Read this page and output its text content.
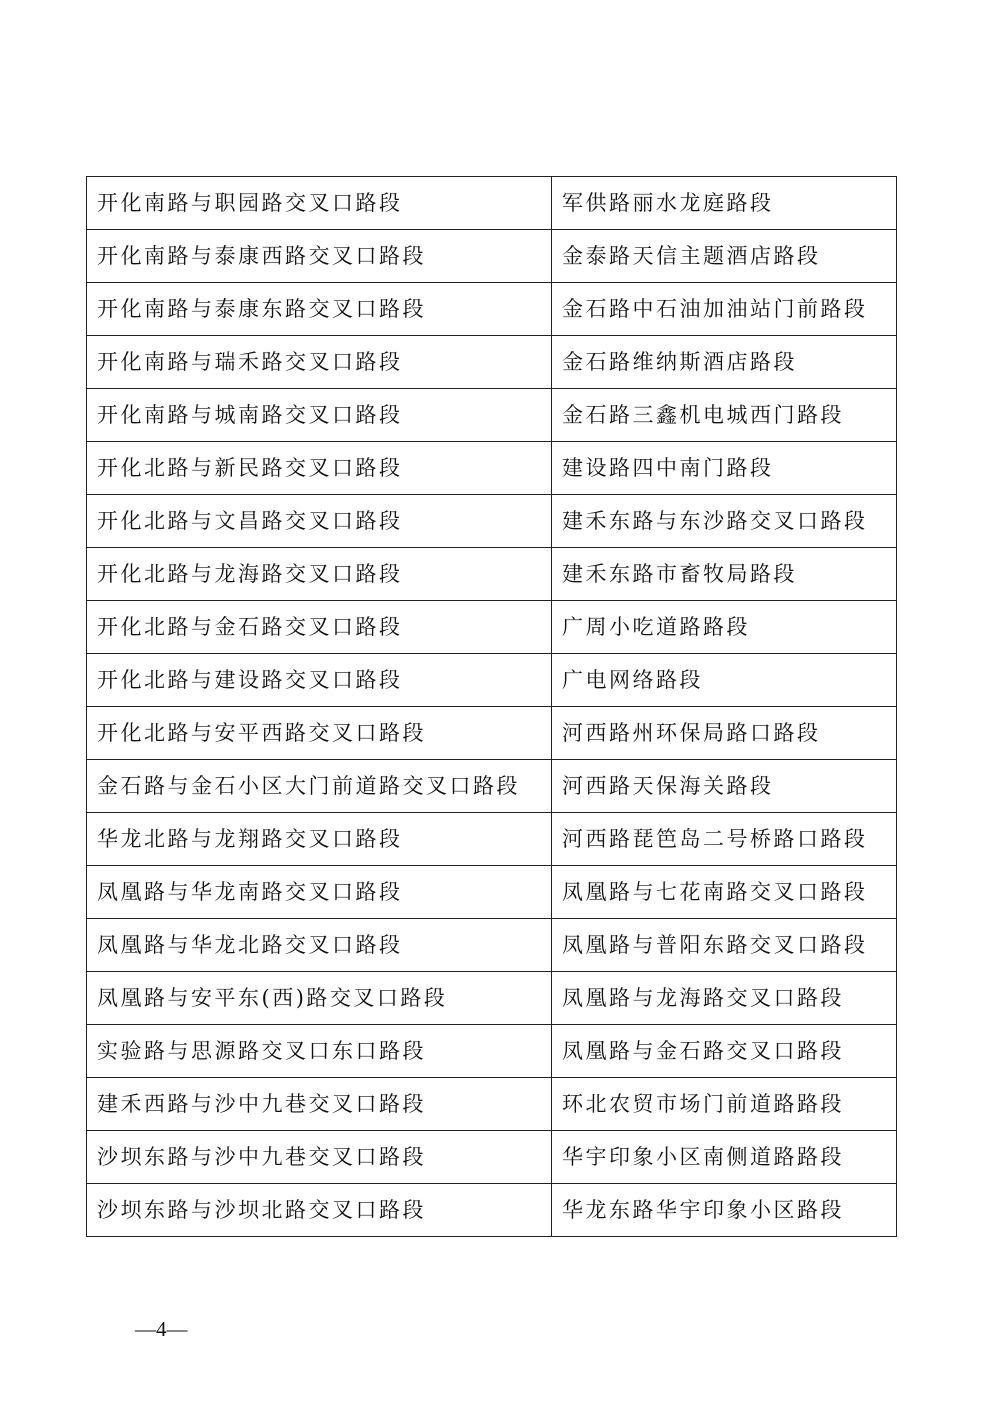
开化南路与职园路交叉口路段	军供路丽水龙庭路段
开化南路与泰康西路交叉口路段	金泰路天信主题酒店路段
开化南路与泰康东路交叉口路段	金石路中石油加油站门前路段
开化南路与瑞禾路交叉口路段	金石路维纳斯酒店路段
开化南路与城南路交叉口路段	金石路三鑫机电城西门路段
开化北路与新民路交叉口路段	建设路四中南门路段
开化北路与文昌路交叉口路段	建禾东路与东沙路交叉口路段
开化北路与龙海路交叉口路段	建禾东路市畜牧局路段
开化北路与金石路交叉口路段	广周小吃道路路段
开化北路与建设路交叉口路段	广电网络路段
开化北路与安平西路交叉口路段	河西路州环保局路口路段
金石路与金石小区大门前道路交叉口路段	河西路天保海关路段
华龙北路与龙翔路交叉口路段	河西路琵笆岛二号桥路口路段
凤凰路与华龙南路交叉口路段	凤凰路与七花南路交叉口路段
凤凰路与华龙北路交叉口路段	凤凰路与普阳东路交叉口路段
凤凰路与安平东(西)路交叉口路段	凤凰路与龙海路交叉口路段
实验路与思源路交叉口东口路段	凤凰路与金石路交叉口路段
建禾西路与沙中九巷交叉口路段	环北农贸市场门前道路路段
沙坝东路与沙中九巷交叉口路段	华宇印象小区南侧道路路段
沙坝东路与沙坝北路交叉口路段	华龙东路华宇印象小区路段
—4—
